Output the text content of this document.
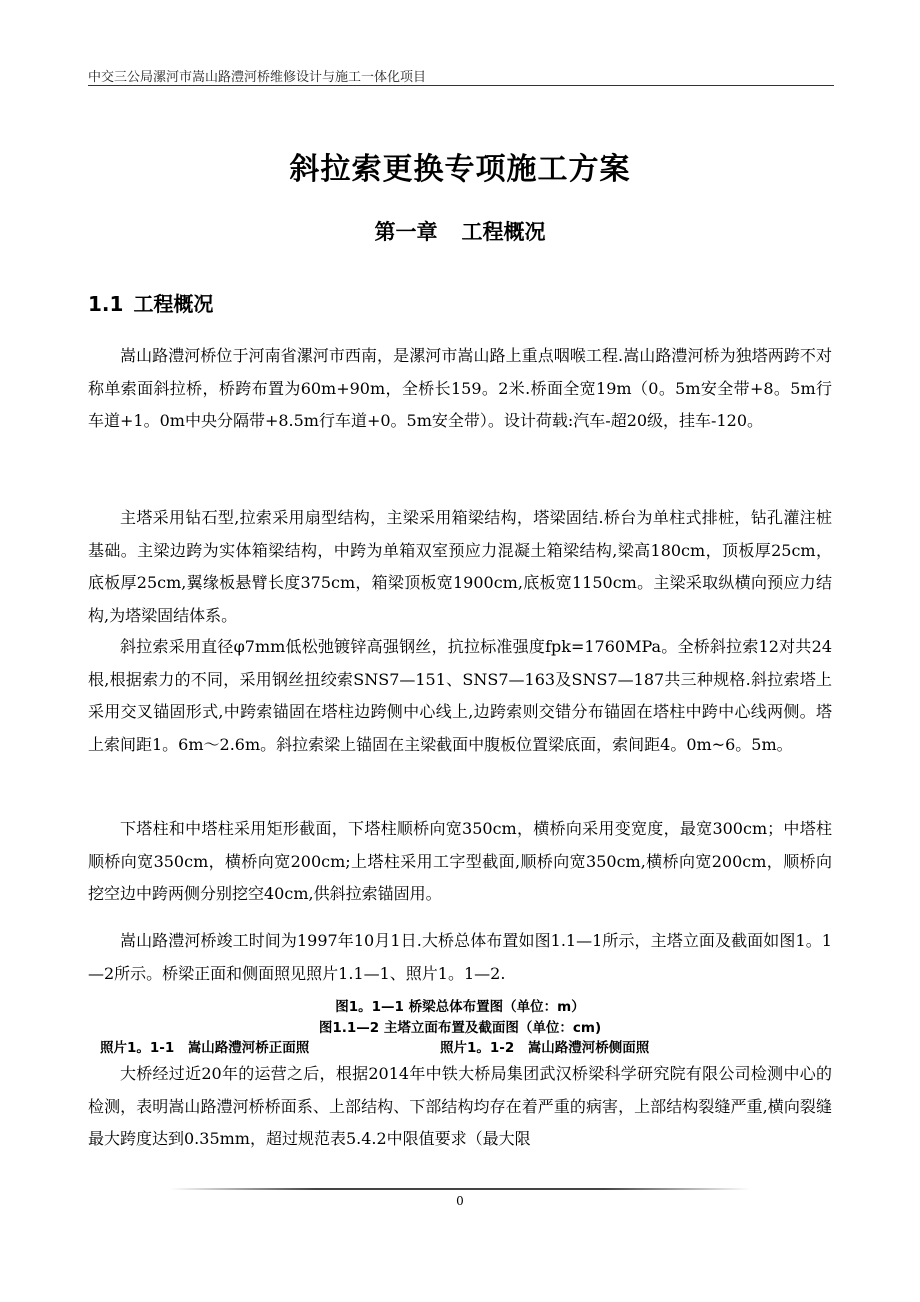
中交三公局漯河市嵩山路澧河桥维修设计与施工一体化项目
斜拉索更换专项施工方案
第一章 工程概况
1.1 工程概况

嵩山路澧河桥位于河南省漯河市西南，是漯河市嵩山路上重点咽喉工程.嵩山路澧河桥为独塔两跨不对称单索面斜拉桥，桥跨布置为60m+90m，全桥长159。2米.桥面全宽19m（0。5m安全带+8。5m行车道+1。0m中央分隔带+8.5m行车道+0。5m安全带）。设计荷载:汽车-超20级，挂车-120。

主塔采用钻石型,拉索采用扇型结构，主梁采用箱梁结构，塔梁固结.桥台为单柱式排桩，钻孔灌注桩基础。主梁边跨为实体箱梁结构，中跨为单箱双室预应力混凝土箱梁结构,梁高180cm，顶板厚25cm，底板厚25cm,翼缘板悬臂长度375cm，箱梁顶板宽1900cm,底板宽1150cm。主梁采取纵横向预应力结构,为塔梁固结体系。

斜拉索采用直径φ7mm低松弛镀锌高强钢丝，抗拉标准强度fpk=1760MPa。全桥斜拉索12对共24根,根据索力的不同，采用钢丝扭绞索SNS7—151、SNS7—163及SNS7—187共三种规格.斜拉索塔上采用交叉锚固形式,中跨索锚固在塔柱边跨侧中心线上,边跨索则交错分布锚固在塔柱中跨中心线两侧。塔上索间距1。6m～2.6m。斜拉索梁上锚固在主梁截面中腹板位置梁底面，索间距4。0m~6。5m。

下塔柱和中塔柱采用矩形截面，下塔柱顺桥向宽350cm，横桥向采用变宽度，最宽300cm；中塔柱顺桥向宽350cm，横桥向宽200cm;上塔柱采用工字型截面,顺桥向宽350cm,横桥向宽200cm，顺桥向挖空边中跨两侧分别挖空40cm,供斜拉索锚固用。

嵩山路澧河桥竣工时间为1997年10月1日.大桥总体布置如图1.1—1所示，主塔立面及截面如图1。1—2所示。桥梁正面和侧面照见照片1.1—1、照片1。1—2.

图1。1—1 桥梁总体布置图（单位：m）
图1.1—2 主塔立面布置及截面图（单位：cm)
照片1。1-1　嵩山路澧河桥正面照	照片1。1-2　嵩山路澧河桥侧面照

大桥经过近20年的运营之后，根据2014年中铁大桥局集团武汉桥梁科学研究院有限公司检测中心的检测，表明嵩山路澧河桥桥面系、上部结构、下部结构均存在着严重的病害，上部结构裂缝严重,横向裂缝最大跨度达到0.35mm，超过规范表5.4.2中限值要求（最大限

0
